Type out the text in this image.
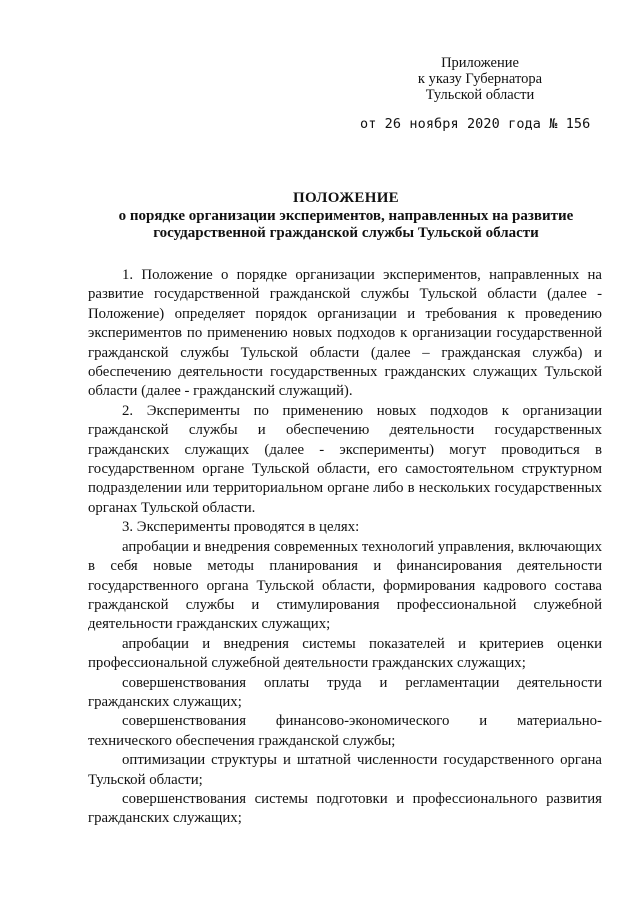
Приложение
к указу Губернатора
Тульской области
от 26 ноября 2020 года № 156
ПОЛОЖЕНИЕ
о порядке организации экспериментов, направленных на развитие
государственной гражданской службы Тульской области

1. Положение о порядке организации экспериментов, направленных на развитие государственной гражданской службы Тульской области (далее - Положение) определяет порядок организации и требования к проведению экспериментов по применению новых подходов к организации государственной гражданской службы Тульской области (далее – гражданская служба) и обеспечению деятельности государственных гражданских служащих Тульской области (далее - гражданский служащий).

2. Эксперименты по применению новых подходов к организации гражданской службы и обеспечению деятельности государственных гражданских служащих (далее - эксперименты) могут проводиться в государственном органе Тульской области, его самостоятельном структурном подразделении или территориальном органе либо в нескольких государственных органах Тульской области.

3. Эксперименты проводятся в целях:

апробации и внедрения современных технологий управления, включающих в себя новые методы планирования и финансирования деятельности государственного органа Тульской области, формирования кадрового состава гражданской службы и стимулирования профессиональной служебной деятельности гражданских служащих;

апробации и внедрения системы показателей и критериев оценки профессиональной служебной деятельности гражданских служащих;

совершенствования оплаты труда и регламентации деятельности гражданских служащих;

совершенствования финансово-экономического и материально-технического обеспечения гражданской службы;

оптимизации структуры и штатной численности государственного органа Тульской области;

совершенствования системы подготовки и профессионального развития гражданских служащих;
